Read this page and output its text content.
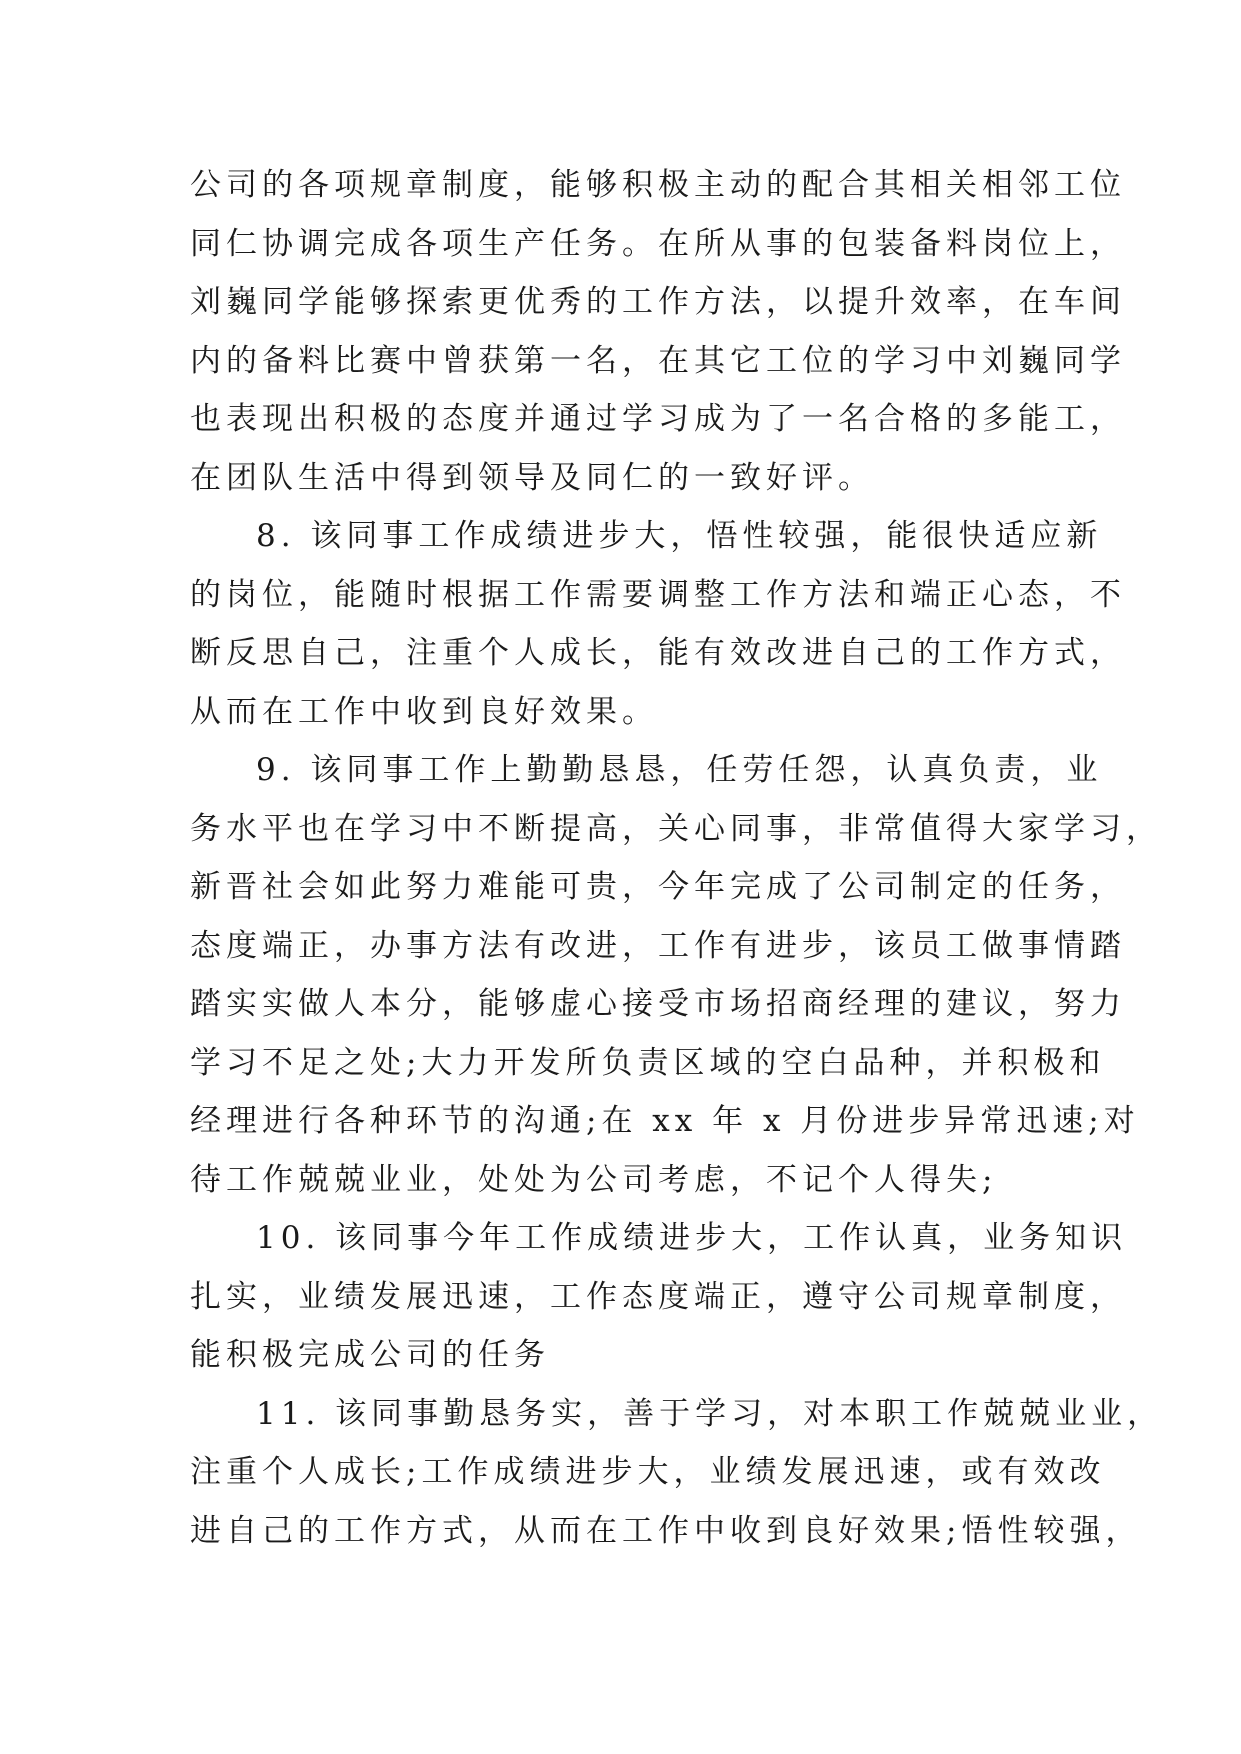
公司的各项规章制度，能够积极主动的配合其相关相邻工位
同仁协调完成各项生产任务。在所从事的包装备料岗位上，
刘巍同学能够探索更优秀的工作方法，以提升效率，在车间
内的备料比赛中曾获第一名，在其它工位的学习中刘巍同学
也表现出积极的态度并通过学习成为了一名合格的多能工，
在团队生活中得到领导及同仁的一致好评。
8. 该同事工作成绩进步大，悟性较强，能很快适应新
的岗位，能随时根据工作需要调整工作方法和端正心态，不
断反思自己，注重个人成长，能有效改进自己的工作方式，
从而在工作中收到良好效果。
9. 该同事工作上勤勤恳恳，任劳任怨，认真负责，业
务水平也在学习中不断提高，关心同事，非常值得大家学习，
新晋社会如此努力难能可贵，今年完成了公司制定的任务，
态度端正，办事方法有改进，工作有进步，该员工做事情踏
踏实实做人本分，能够虚心接受市场招商经理的建议，努力
学习不足之处;大力开发所负责区域的空白品种，并积极和
经理进行各种环节的沟通;在 xx 年 x 月份进步异常迅速;对
待工作兢兢业业，处处为公司考虑，不记个人得失;
10. 该同事今年工作成绩进步大，工作认真，业务知识
扎实，业绩发展迅速，工作态度端正，遵守公司规章制度，
能积极完成公司的任务
11. 该同事勤恳务实，善于学习，对本职工作兢兢业业，
注重个人成长;工作成绩进步大，业绩发展迅速，或有效改
进自己的工作方式，从而在工作中收到良好效果;悟性较强，
